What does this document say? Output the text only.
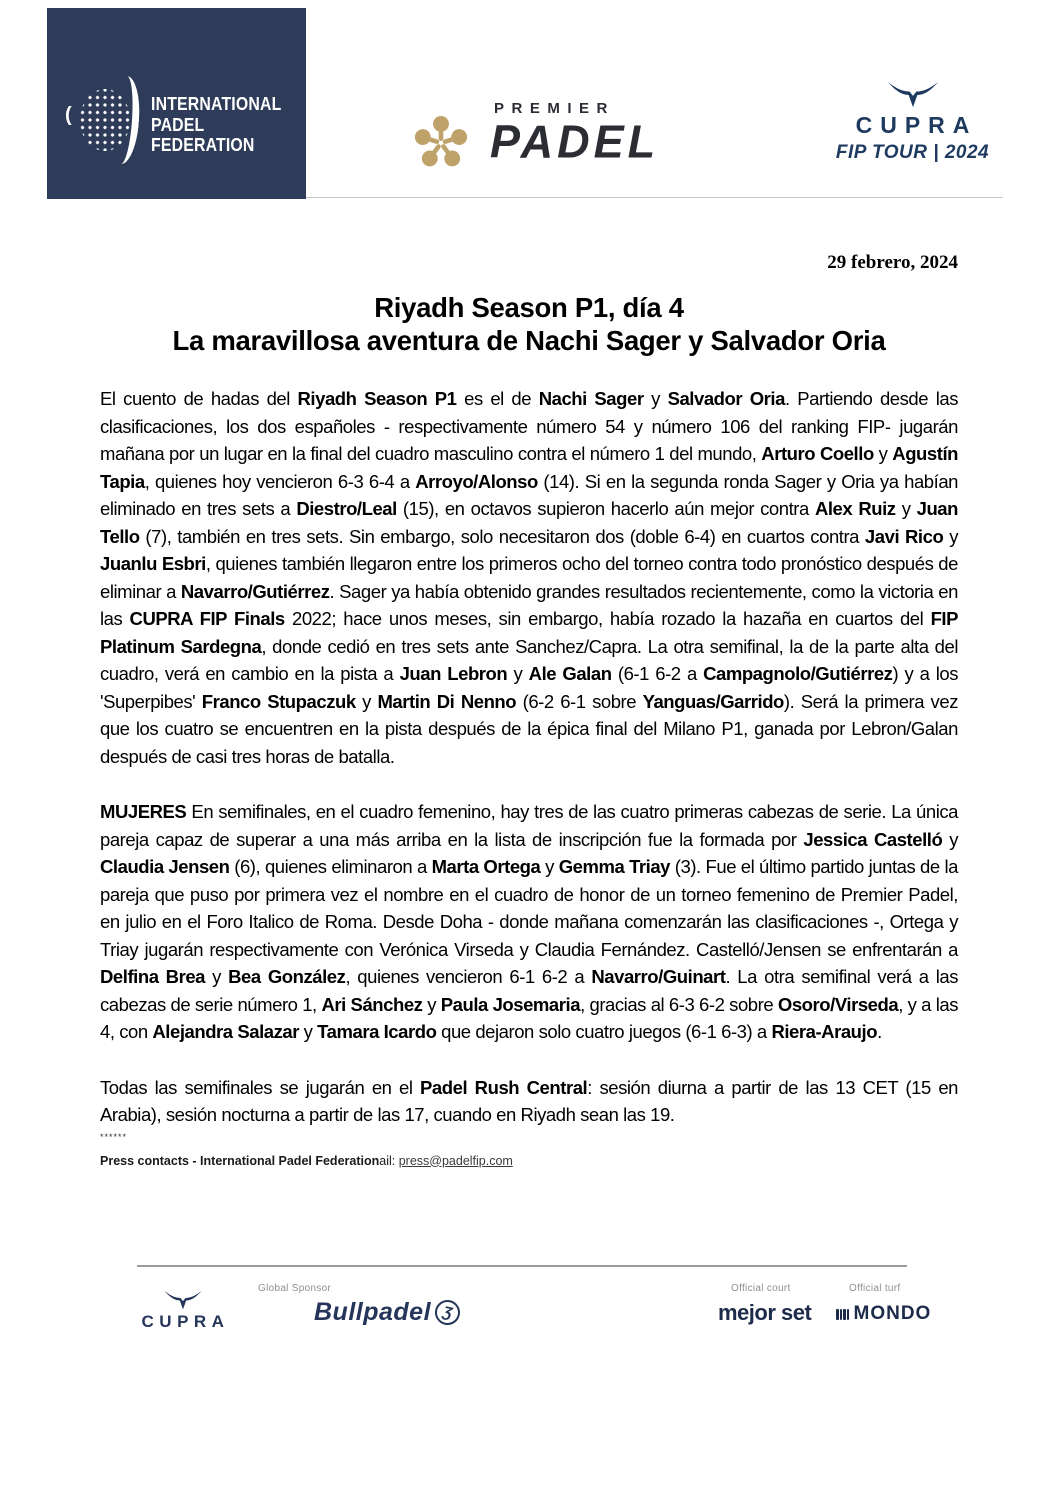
(	INTERNATIONAL
PADEL
FEDERATION
PREMIER
PADEL	CUPRA
FIP TOUR | 2024
29 febrero, 2024
Riyadh Season P1, día 4
La maravillosa aventura de Nachi Sager y Salvador Oria

El cuento de hadas del Riyadh Season P1 es el de Nachi Sager y Salvador Oria. Partiendo desde las clasificaciones, los dos españoles - respectivamente número 54 y número 106 del ranking FIP- jugarán mañana por un lugar en la final del cuadro masculino contra el número 1 del mundo, Arturo Coello y Agustín Tapia, quienes hoy vencieron 6-3 6-4 a Arroyo/Alonso (14). Si en la segunda ronda Sager y Oria ya habían eliminado en tres sets a Diestro/Leal (15), en octavos supieron hacerlo aún mejor contra Alex Ruiz y Juan Tello (7), también en tres sets. Sin embargo, solo necesitaron dos (doble 6-4) en cuartos contra Javi Rico y Juanlu Esbri, quienes también llegaron entre los primeros ocho del torneo contra todo pronóstico después de eliminar a Navarro/Gutiérrez. Sager ya había obtenido grandes resultados recientemente, como la victoria en las CUPRA FIP Finals 2022; hace unos meses, sin embargo, había rozado la hazaña en cuartos del FIP Platinum Sardegna, donde cedió en tres sets ante Sanchez/Capra. La otra semifinal, la de la parte alta del cuadro, verá en cambio en la pista a Juan Lebron y Ale Galan (6-1 6-2 a Campagnolo/Gutiérrez) y a los 'Superpibes' Franco Stupaczuk y Martin Di Nenno (6-2 6-1 sobre Yanguas/Garrido). Será la primera vez que los cuatro se encuentren en la pista después de la épica final del Milano P1, ganada por Lebron/Galan después de casi tres horas de batalla.

MUJERES En semifinales, en el cuadro femenino, hay tres de las cuatro primeras cabezas de serie. La única pareja capaz de superar a una más arriba en la lista de inscripción fue la formada por Jessica Castelló y Claudia Jensen (6), quienes eliminaron a Marta Ortega y Gemma Triay (3). Fue el último partido juntas de la pareja que puso por primera vez el nombre en el cuadro de honor de un torneo femenino de Premier Padel, en julio en el Foro Italico de Roma. Desde Doha - donde mañana comenzarán las clasificaciones -, Ortega y Triay jugarán respectivamente con Verónica Virseda y Claudia Fernández. Castelló/Jensen se enfrentarán a Delfina Brea y Bea González, quienes vencieron 6-1 6-2 a Navarro/Guinart. La otra semifinal verá a las cabezas de serie número 1, Ari Sánchez y Paula Josemaria, gracias al 6-3 6-2 sobre Osoro/Virseda, y a las 4, con Alejandra Salazar y Tamara Icardo que dejaron solo cuatro juegos (6-1 6-3) a Riera-Araujo.

Todas las semifinales se jugarán en el Padel Rush Central: sesión diurna a partir de las 13 CET (15 en Arabia), sesión nocturna a partir de las 17, cuando en Riyadh sean las 19.

******
Press contacts - International Padel Federationail: press@padelfip.com
CUPRA
Global Sponsor
Bullpadel Ʒ
Official court
mejor set
Official turf
MONDO
